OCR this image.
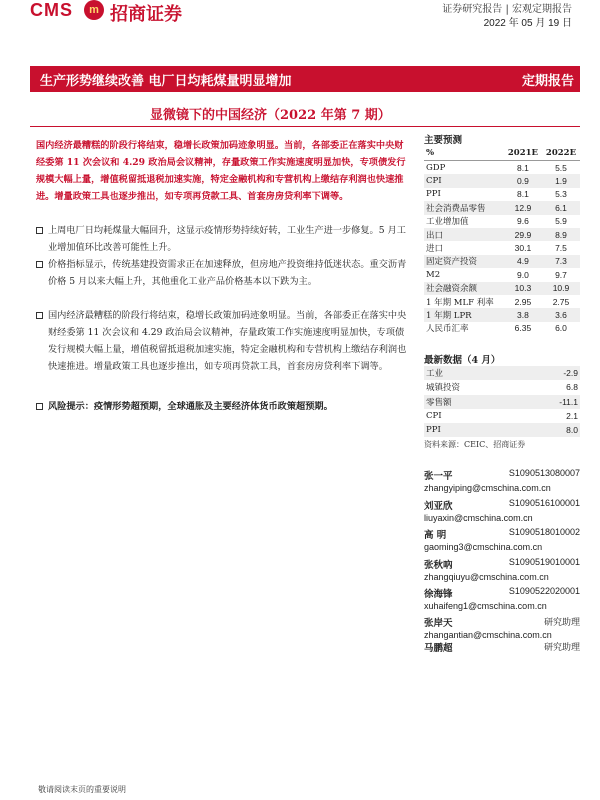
CMS	m 招商证券	证券研究报告 | 宏观定期报告
2022 年 05 月 19 日
生产形势继续改善 电厂日均耗煤量明显增加	定期报告
显微镜下的中国经济（2022 年第 7 期）
国内经济最糟糕的阶段行将结束，稳增长政策加码迹象明显。当前，各部委正在落实中央财经委第 11 次会议和 4.29 政治局会议精神，存量政策工作实施速度明显加快，专项债发行规模大幅上量，增值税留抵退税加速实施，特定金融机构和专营机构上缴结存利润也快速推进。增量政策工具也逐步推出，如专项再贷款工具、首套房房贷利率下调等。
上周电厂日均耗煤量大幅回升，这显示疫情形势持续好转，工业生产进一步修复。5 月工业增加值环比改善可能性上升。
价格指标显示，传统基建投资需求正在加速释放，但房地产投资维持低迷状态。重交沥青价格 5 月以来大幅上升，其他重化工业产品价格基本以下跌为主。
国内经济最糟糕的阶段行将结束，稳增长政策加码迹象明显。当前，各部委正在落实中央财经委第 11 次会议和 4.29 政治局会议精神，存量政策工作实施速度明显加快，专项债发行规模大幅上量，增值税留抵退税加速实施，特定金融机构和专营机构上缴结存利润也快速推进。增量政策工具也逐步推出，如专项再贷款工具，首套房房贷利率下调等。
风险提示：疫情形势超预期，全球通胀及主要经济体货币政策超预期。
主要预测
%	2021E	2022E
GDP	8.1	5.5
CPI	0.9	1.9
PPI	8.1	5.3
社会消费品零售	12.9	6.1
工业增加值	9.6	5.9
出口	29.9	8.9
进口	30.1	7.5
固定资产投资	4.9	7.3
M2	9.0	9.7
社会融资余额	10.3	10.9
1 年期 MLF 利率	2.95	2.75
1 年期 LPR	3.8	3.6
人民币汇率	6.35	6.0
最新数据（4 月）
工业	-2.9
城镇投资	6.8
零售额	-11.1
CPI	2.1
PPI	8.0
资料来源：CEIC、招商证券
张一平	S1090513080007
zhangyiping@cmschina.com.cn
刘亚欣	S1090516100001
liuyaxin@cmschina.com.cn
高 明	S1090518010002
gaoming3@cmschina.com.cn
张秋吶	S1090519010001
zhangqiuyu@cmschina.com.cn
徐海锋	S1090522020001
xuhaifeng1@cmschina.com.cn
张岸天	研究助理
zhangantian@cmschina.com.cn
马鹏超	研究助理
敬请阅读末页的重要说明
